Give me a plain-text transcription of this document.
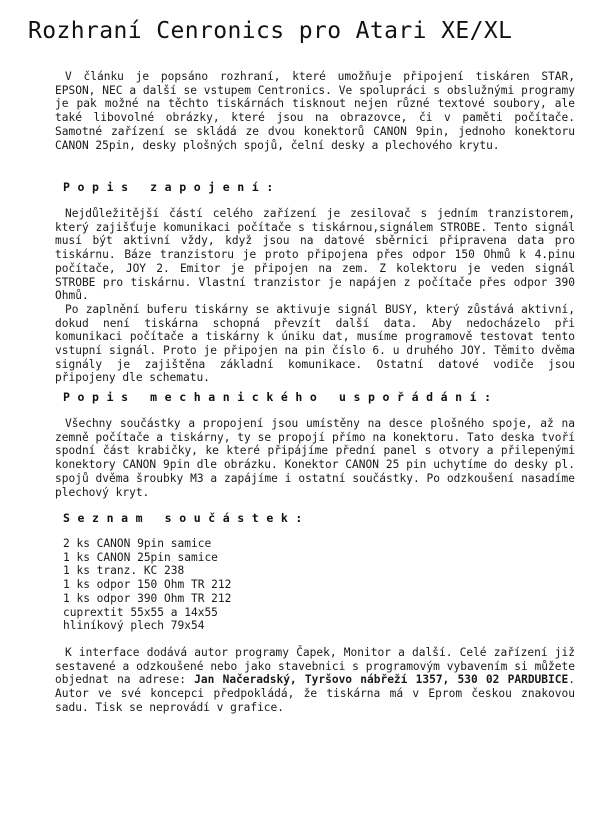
Rozhraní Cenronics pro Atari XE/XL

V článku je popsáno rozhraní, které umožňuje připojení tiskáren STAR, EPSON, NEC a další se vstupem Centronics. Ve spolupráci s obslužnými programy je pak možné na těchto tiskárnách tisknout nejen různé textové soubory, ale také libovolné obrázky, které jsou na obrazovce, či v paměti počítače. Samotné zařízení se skládá ze dvou konektorů CANON 9pin, jednoho konektoru CANON 25pin, desky plošných spojů, čelní desky a plechového krytu.

Popis zapojení:

Nejdůležitější částí celého zařízení je zesilovač s jedním tranzistorem, který zajišťuje komunikaci počítače s tiskárnou,signálem STROBE. Tento signál musí být aktivní vždy, když jsou na datové sběrnici připravena data pro tiskárnu. Báze tranzistoru je proto připojena přes odpor 150 Ohmů k 4.pinu počítače, JOY 2. Emitor je připojen na zem. Z kolektoru je veden signál STROBE pro tiskárnu. Vlastní tranzistor je napájen z počítače přes odpor 390 Ohmů.

Po zaplnění buferu tiskárny se aktivuje signál BUSY, který zůstává aktivní, dokud není tiskárna schopná převzít další data. Aby nedocházelo při komunikaci počítače a tiskárny k úniku dat, musíme programově testovat tento vstupní signál. Proto je připojen na pin číslo 6. u druhého JOY. Těmito dvěma signály je zajištěna základní komunikace. Ostatní datové vodiče jsou připojeny dle schematu.

Popis mechanického uspořádání:

Všechny součástky a propojení jsou umístěny na desce plošného spoje, až na zemně počítače a tiskárny, ty se propojí přímo na konektoru. Tato deska tvoří spodní část krabičky, ke které připájíme přední panel s otvory a přilepenými konektory CANON 9pin dle obrázku. Konektor CANON 25 pin uchytíme do desky pl. spojů dvěma šroubky M3 a zapájíme i ostatní součástky. Po odzkoušení nasadíme plechový kryt.

Seznam součástek:
2 ks CANON 9pin samice
1 ks CANON 25pin samice
1 ks tranz. KC 238
1 ks odpor 150 Ohm TR 212
1 ks odpor 390 Ohm TR 212
cuprextit 55x55 a 14x55
hliníkový plech 79x54

K interface dodává autor programy Čapek, Monitor a další. Celé zařízení již sestavené a odzkoušené nebo jako stavebnici s programovým vybavením si můžete objednat na adrese: Jan Načeradský, Tyršovo nábřeží 1357, 530 02 PARDUBICE. Autor ve své koncepci předpokládá, že tiskárna má v Eprom českou znakovou sadu. Tisk se neprovádí v grafice.
